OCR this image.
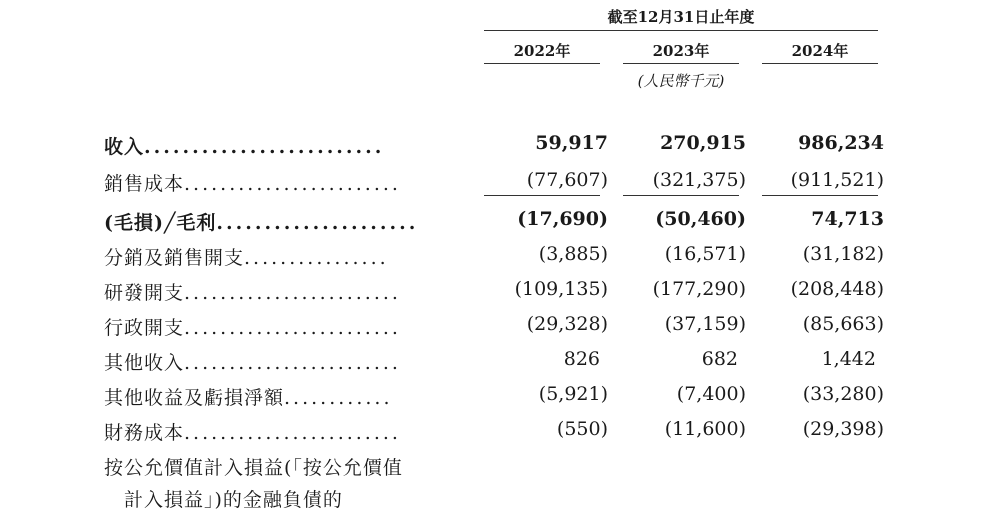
截至12月31日止年度
2022年	2023年	2024年
(人民幣千元)
收入.........................	59,917	270,915	986,234
銷售成本........................	(77,607) (321,375) (911,521)
(毛損)╱毛利.....................	(17,690) (50,460)	74,713
分銷及銷售開支................	(3,885)	(16,571)	(31,182)
研發開支........................	(109,135) (177,290) (208,448)
行政開支........................	(29,328)	(37,159)	(85,663)
其他收入........................	826	682	1,442
其他收益及虧損淨額............	(5,921)	(7,400)	(33,280)
財務成本........................	(550)	(11,600)	(29,398)
按公允價值計入損益(「按公允價值
計入損益」)的金融負債的
